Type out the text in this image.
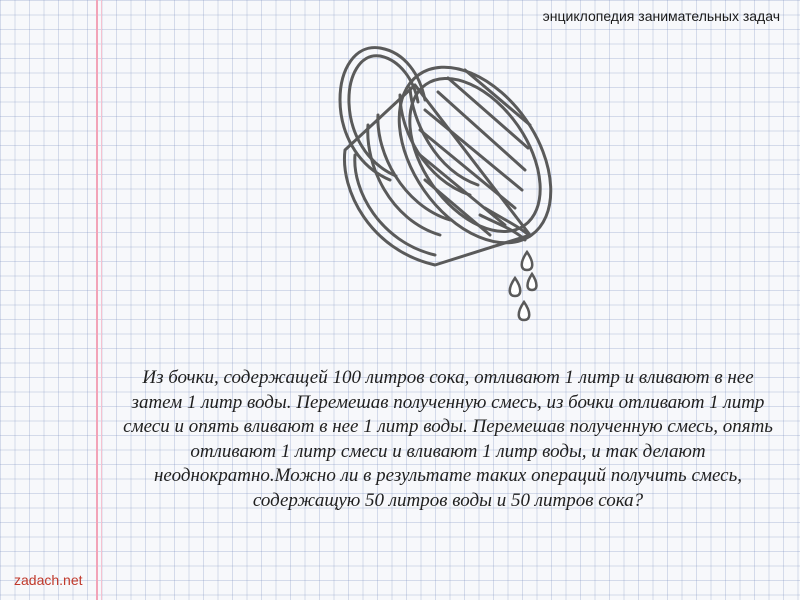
энциклопедия занимательных задач
Из бочки, содержащей 100 литров сока, отливают 1 литр и вливают в нее затем 1 литр воды. Перемешав полученную смесь, из бочки отливают 1 литр смеси и опять вливают в нее 1 литр воды. Перемешав полученную смесь, опять отливают 1 литр смеси и вливают 1 литр воды, и так делают неоднократно.Можно ли в результате таких операций получить смесь, содержащую 50 литров воды и 50 литров сока?
zadach.net
